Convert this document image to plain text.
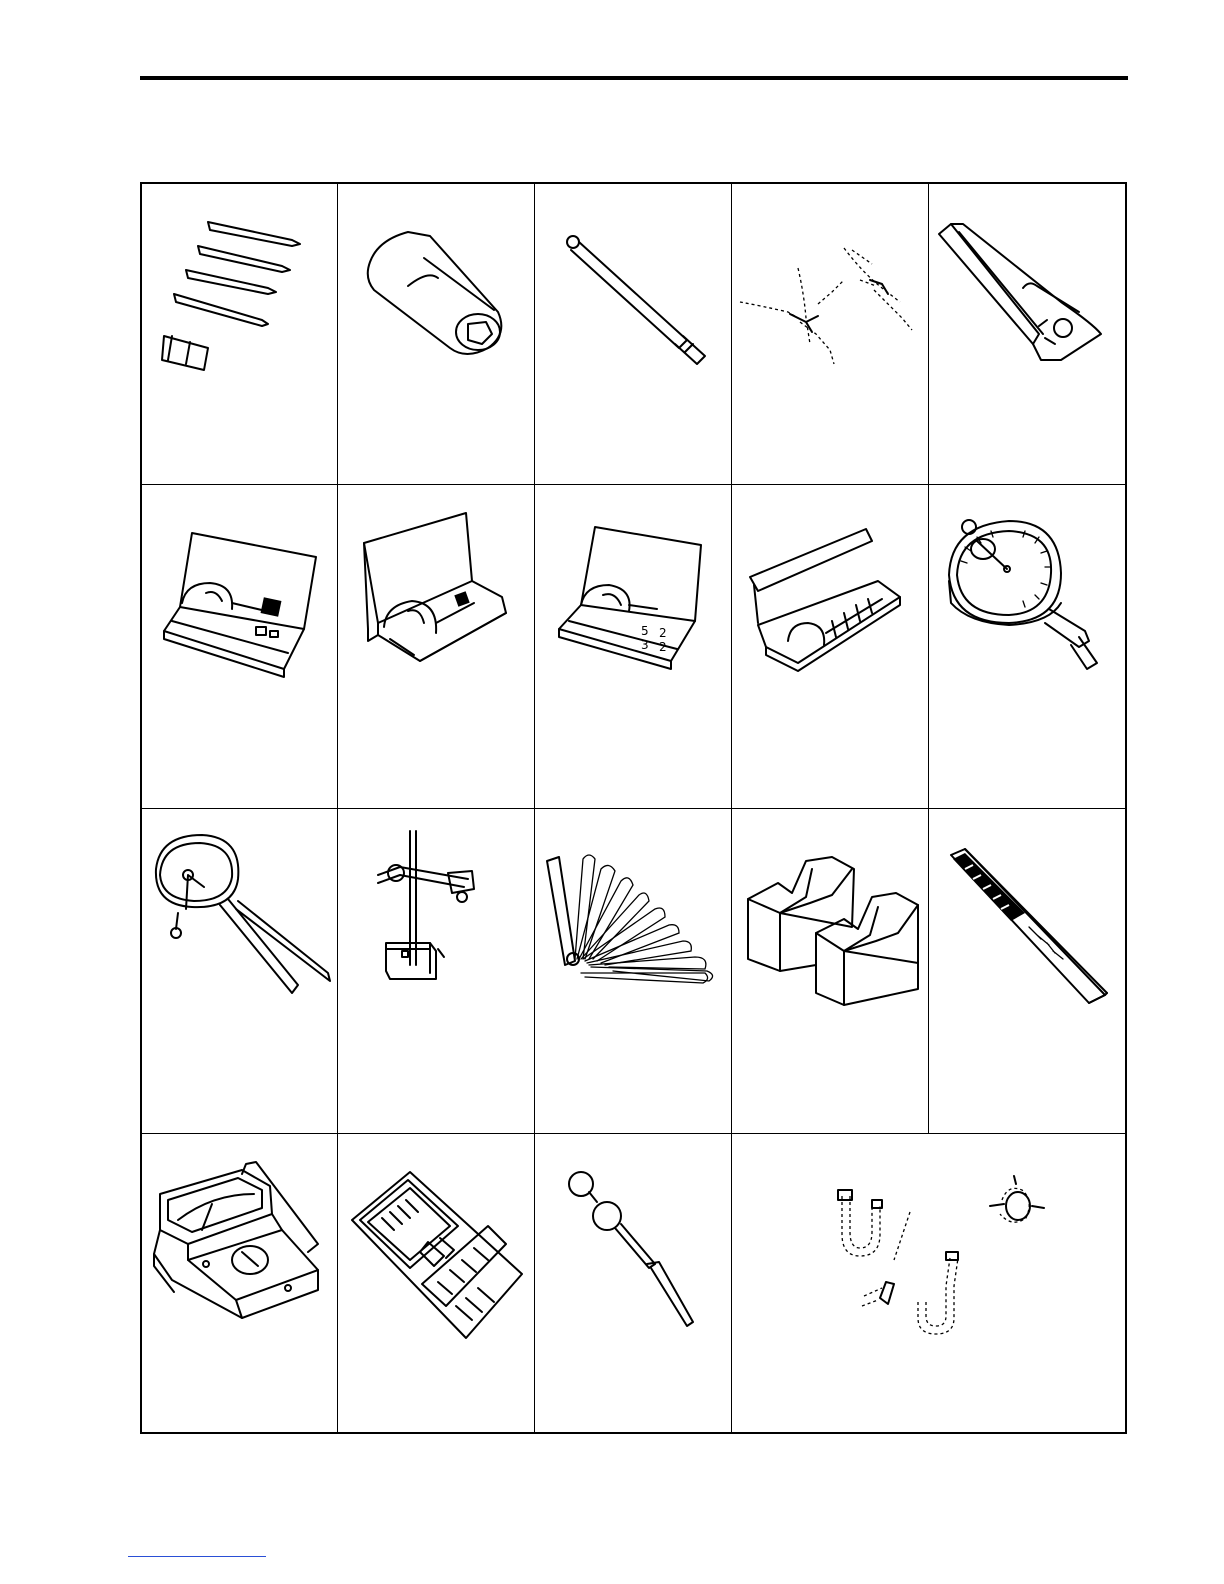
5 2
3 2
